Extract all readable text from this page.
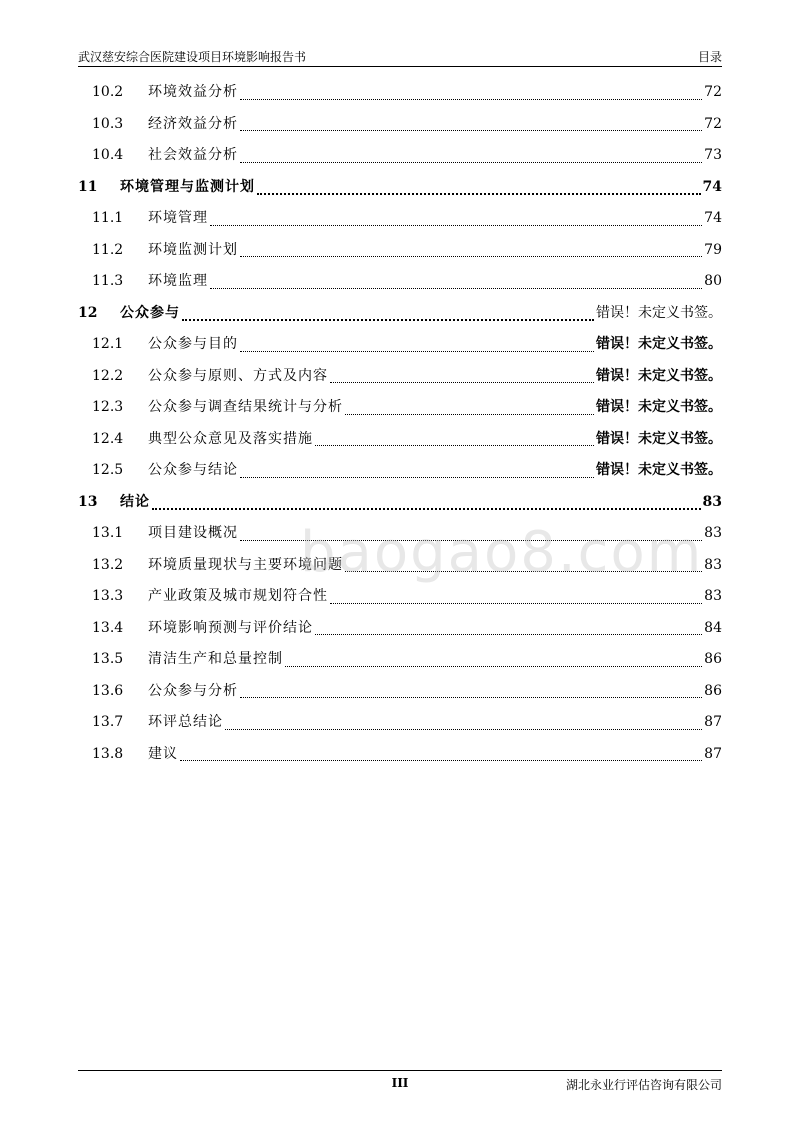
武汉慈安综合医院建设项目环境影响报告书	目录
10.2	环境效益分析	72
10.3	经济效益分析	72
10.4	社会效益分析	73
11	环境管理与监测计划	74
11.1	环境管理	74
11.2	环境监测计划	79
11.3	环境监理	80
12	公众参与	错误！未定义书签。
12.1	公众参与目的	错误！未定义书签。
12.2	公众参与原则、方式及内容	错误！未定义书签。
12.3	公众参与调查结果统计与分析	错误！未定义书签。
12.4	典型公众意见及落实措施	错误！未定义书签。
12.5	公众参与结论	错误！未定义书签。
13	结论	83
13.1	项目建设概况	83
13.2	环境质量现状与主要环境问题	83
13.3	产业政策及城市规划符合性	83
13.4	环境影响预测与评价结论	84
13.5	清洁生产和总量控制	86
13.6	公众参与分析	86
13.7	环评总结论	87
13.8	建议	87
baogao8.com
III	湖北永业行评估咨询有限公司
